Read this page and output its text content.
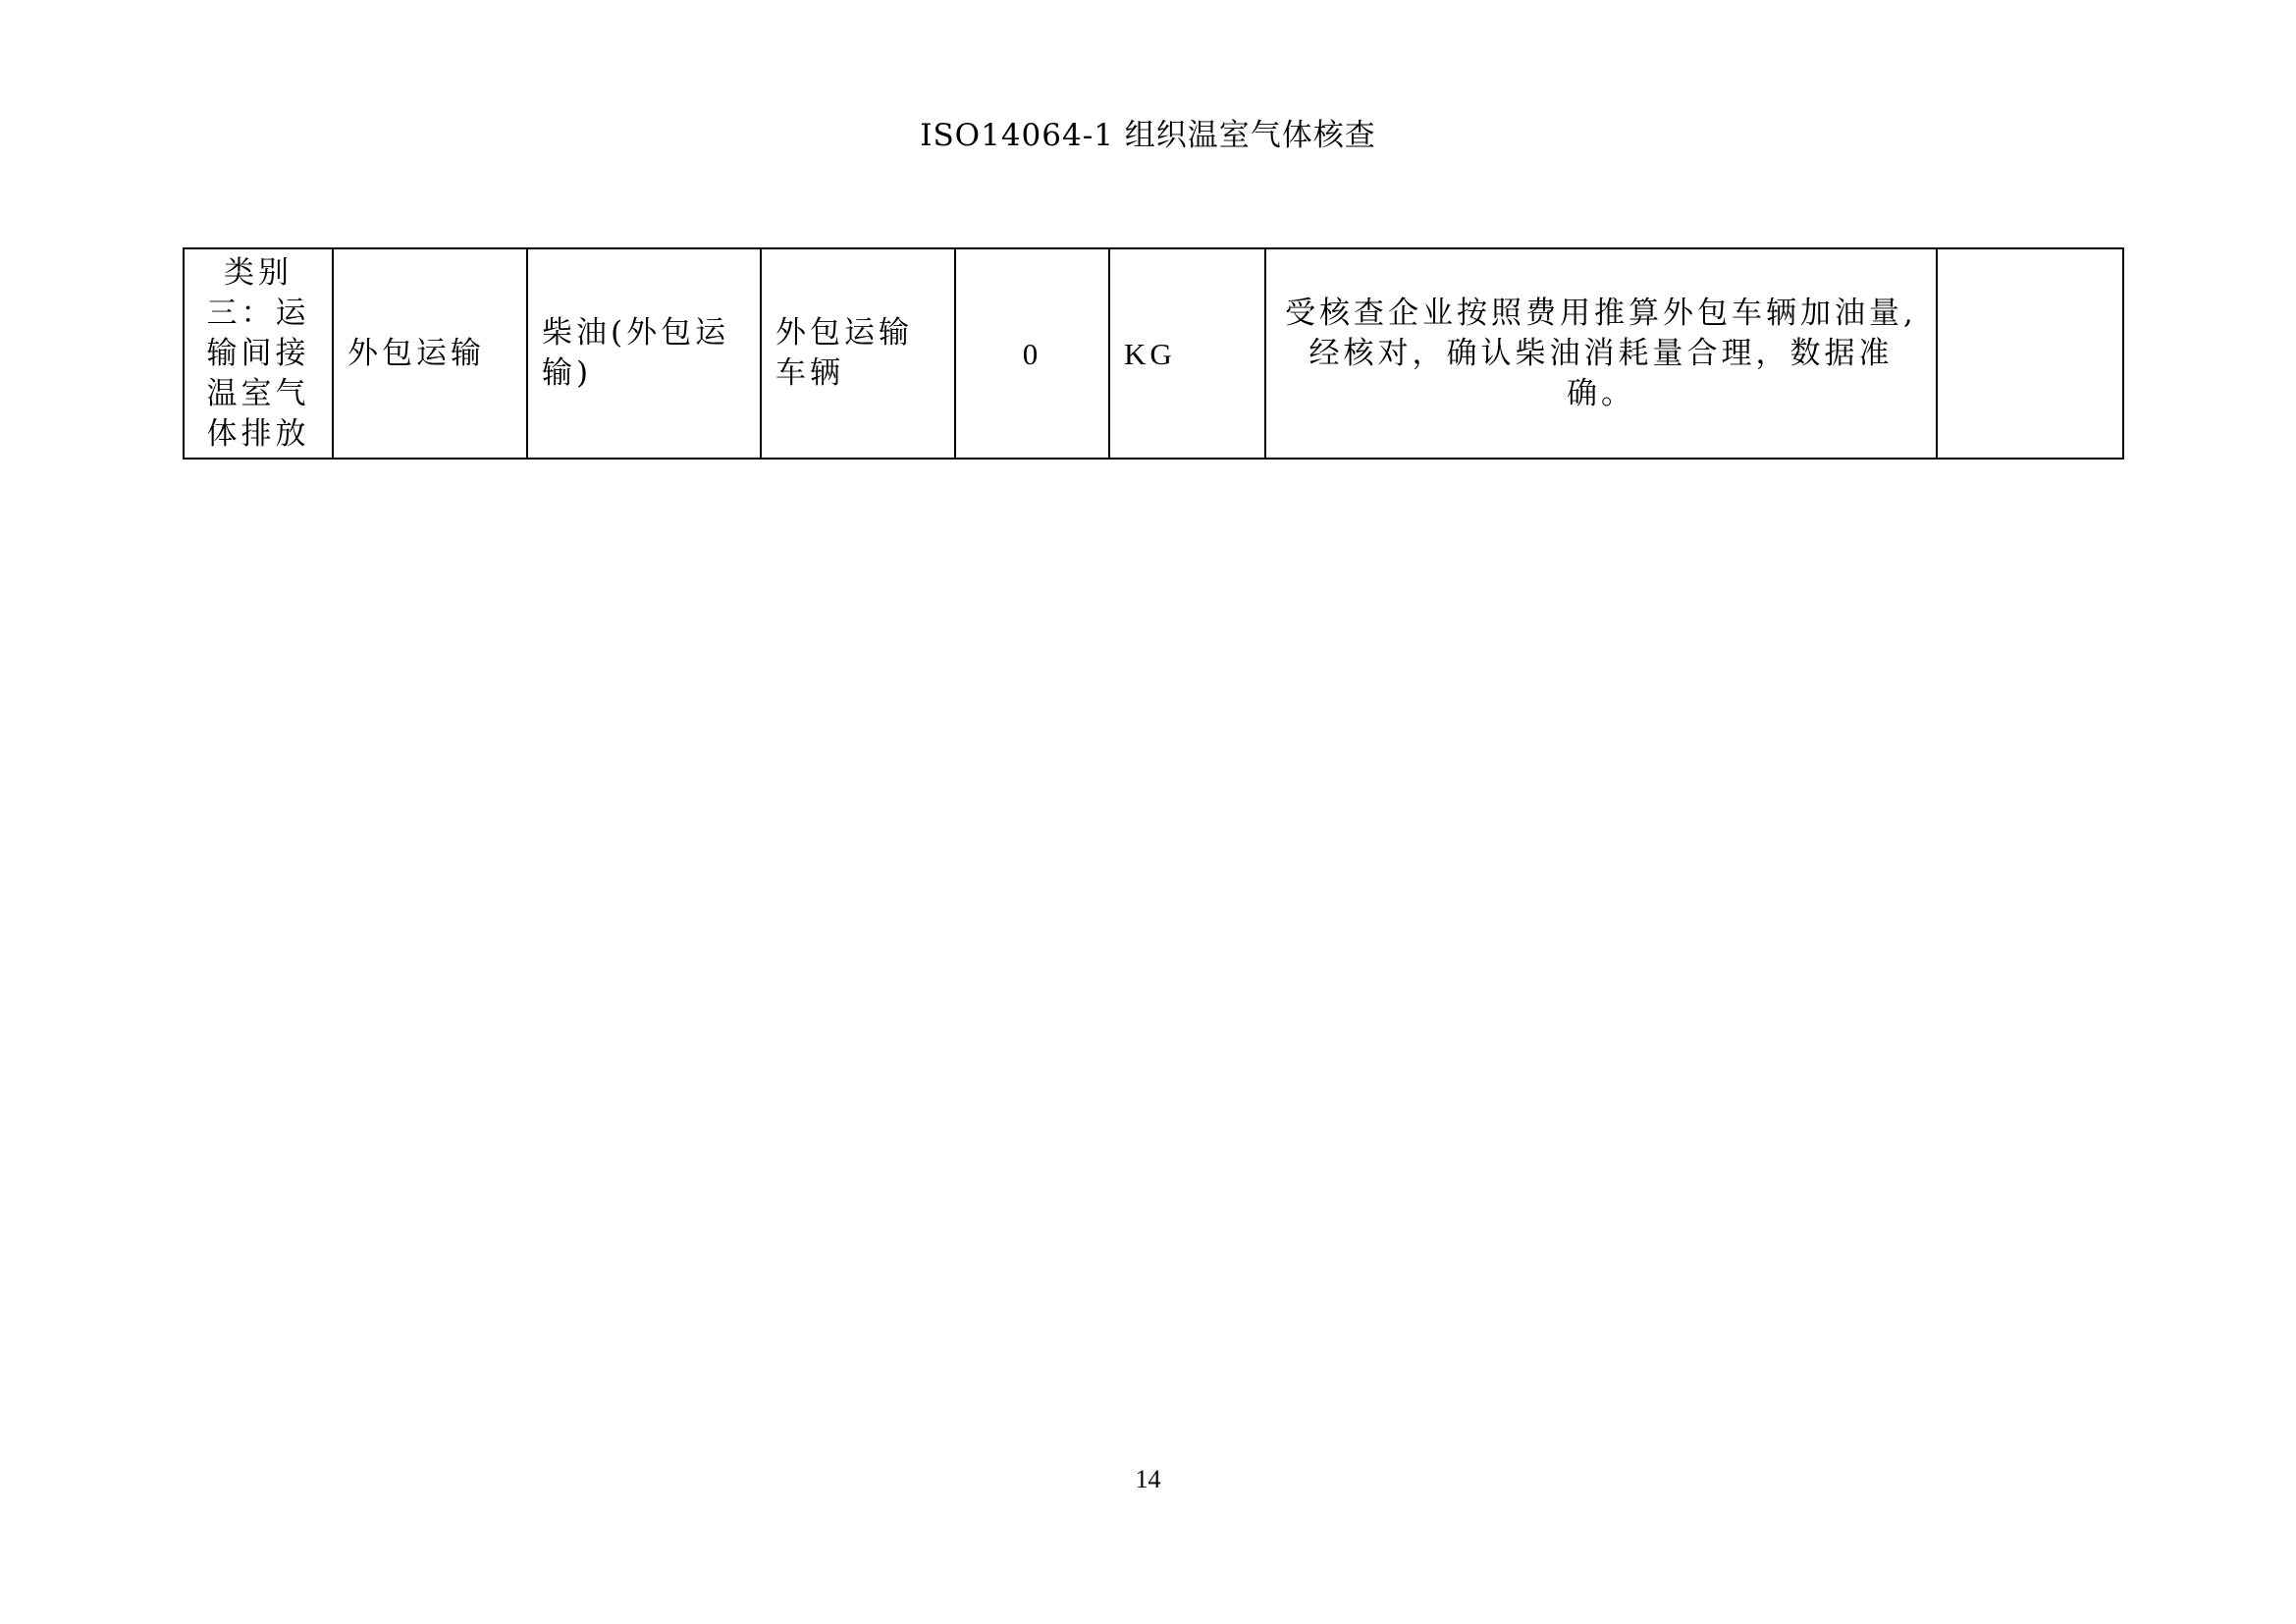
ISO14064-1 组织温室气体核查
类别三：运输间接温室气体排放	外包运输	柴油(外包运输)	外包运输车辆	0	KG	受核查企业按照费用推算外包车辆加油量,经核对，确认柴油消耗量合理，数据准确。	
14
